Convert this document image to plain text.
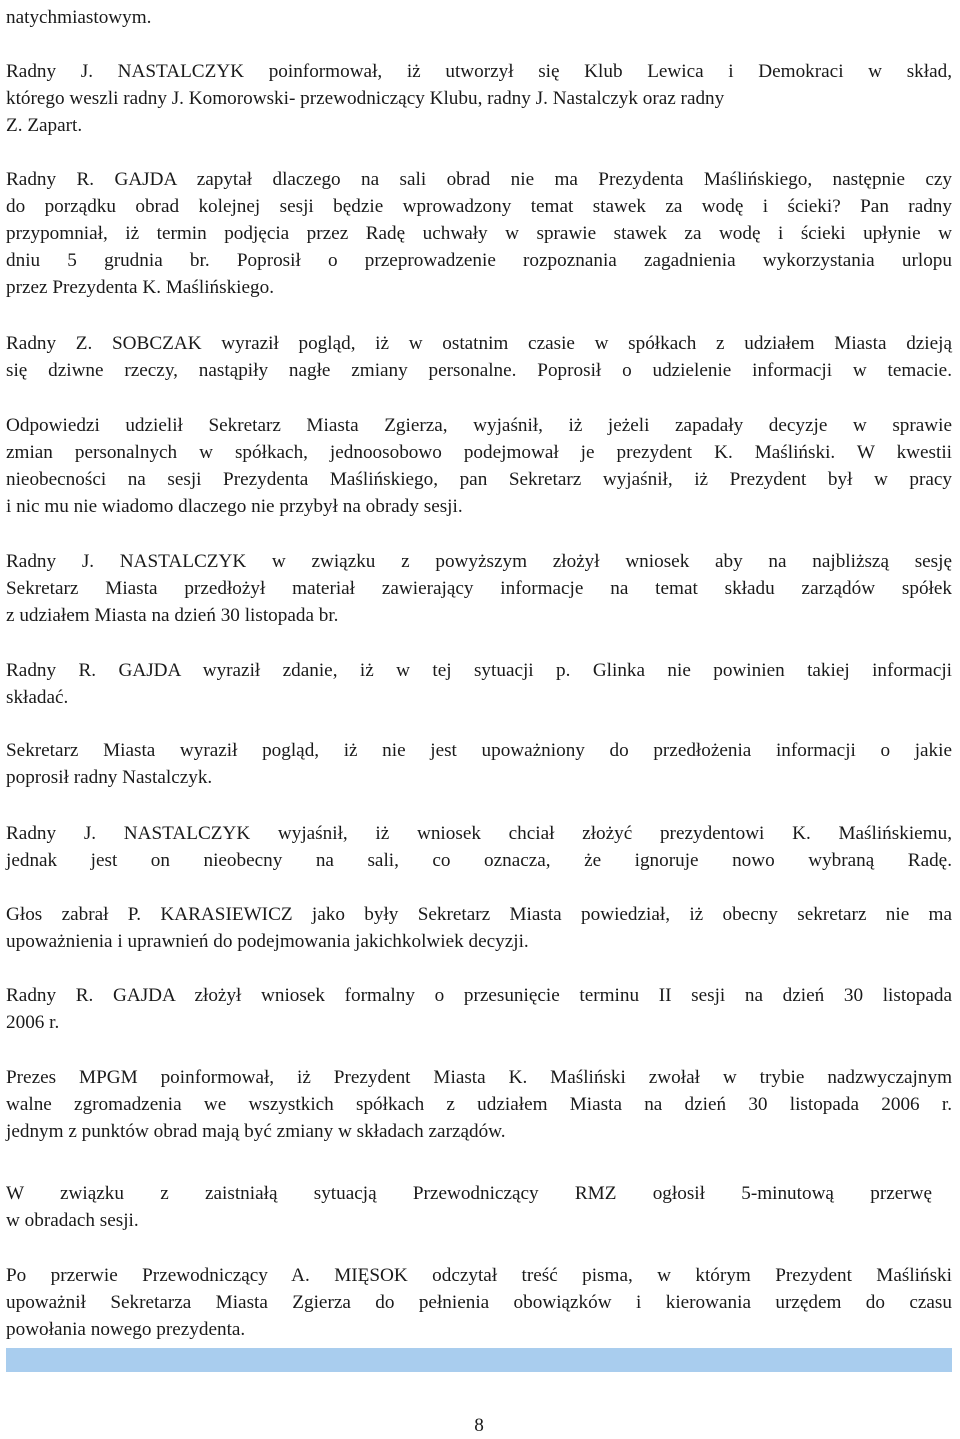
natychmiastowym.
Radny J. NASTALCZYK poinformował, iż utworzył się Klub Lewica i Demokraci w skład,
którego weszli radny J. Komorowski- przewodniczący Klubu, radny J. Nastalczyk oraz radny
Z. Zapart.
Radny R. GAJDA zapytał dlaczego na sali obrad nie ma Prezydenta Maślińskiego, następnie czy
do porządku obrad kolejnej sesji będzie wprowadzony temat stawek za wodę i ścieki? Pan radny
przypomniał, iż termin podjęcia przez Radę uchwały w sprawie stawek za wodę i ścieki upłynie w
dniu 5 grudnia br. Poprosił o przeprowadzenie rozpoznania zagadnienia wykorzystania urlopu
przez Prezydenta K. Maślińskiego.
Radny Z. SOBCZAK wyraził pogląd, iż w ostatnim czasie w spółkach z udziałem Miasta dzieją
się dziwne rzeczy, nastąpiły nagłe zmiany personalne. Poprosił o udzielenie informacji w temacie.
Odpowiedzi udzielił Sekretarz Miasta Zgierza, wyjaśnił, iż jeżeli zapadały decyzje w sprawie
zmian personalnych w spółkach, jednoosobowo podejmował je prezydent K. Maśliński. W kwestii
nieobecności na sesji Prezydenta Maślińskiego, pan Sekretarz wyjaśnił, iż Prezydent był w pracy
i nic mu nie wiadomo dlaczego nie przybył na obrady sesji.
Radny J. NASTALCZYK w związku z powyższym złożył wniosek aby na najbliższą sesję
Sekretarz Miasta przedłożył materiał zawierający informacje na temat składu zarządów spółek
z udziałem Miasta na dzień 30 listopada br.
Radny R. GAJDA wyraził zdanie, iż w tej sytuacji p. Glinka nie powinien takiej informacji
składać.
Sekretarz Miasta wyraził pogląd, iż nie jest upoważniony do przedłożenia informacji o jakie
poprosił radny Nastalczyk.
Radny J. NASTALCZYK wyjaśnił, iż wniosek chciał złożyć prezydentowi K. Maślińskiemu,
jednak jest on nieobecny na sali, co oznacza, że ignoruje nowo wybraną Radę.
Głos zabrał P. KARASIEWICZ jako były Sekretarz Miasta powiedział, iż obecny sekretarz nie ma
upoważnienia i uprawnień do podejmowania jakichkolwiek decyzji.
Radny R. GAJDA złożył wniosek formalny o przesunięcie terminu II sesji na dzień 30 listopada
2006 r.
Prezes MPGM poinformował, iż Prezydent Miasta K. Maśliński zwołał w trybie nadzwyczajnym
walne zgromadzenia we wszystkich spółkach z udziałem Miasta na dzień 30 listopada 2006 r.
jednym z punktów obrad mają być zmiany w składach zarządów.
W związku z zaistniałą sytuacją Przewodniczący RMZ ogłosił 5-minutową przerwę
w obradach sesji.
Po przerwie Przewodniczący A. MIĘSOK odczytał treść pisma, w którym Prezydent Maśliński
upoważnił Sekretarza Miasta Zgierza do pełnienia obowiązków i kierowania urzędem do czasu
powołania nowego prezydenta.
8
